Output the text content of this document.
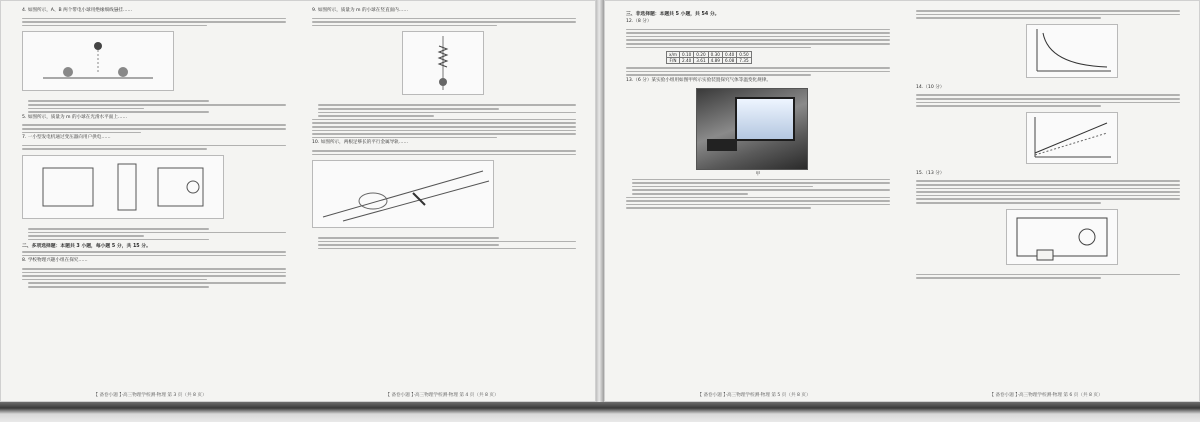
4. 如图所示，A、B 两个带电小球用绝缘细线悬挂……

5. 如图所示，质量为 m 的小球在光滑水平面上……

7. 一小型发电机通过变压器向用户供电……

二、多项选择题：本题共 3 小题，每小题 5 分，共 15 分。

8. 学校物理兴趣小组在探究……

9. 如图所示，质量为 m 的小球在竖直面内……

10. 如图所示，两根足够长的平行金属导轨……

【 备卷小题 】·高三物理学校测·物理 第 3 页（共 8 页）	【 备卷小题 】·高三物理学校测·物理 第 4 页（共 8 页）

三、非选择题：本题共 5 小题，共 54 分。

12.（8 分）

x/m	0.10	0.20	0.30	0.40	0.50
F/N	2.40	3.61	4.89	6.08	7.35

13.（6 分）某实验小组用如图甲所示实验装置探究气体等温变化规律。

甲

14.（10 分）

15.（13 分）

【 备卷小题 】·高三物理学校测·物理 第 5 页（共 8 页）	【 备卷小题 】·高三物理学校测·物理 第 6 页（共 8 页）
